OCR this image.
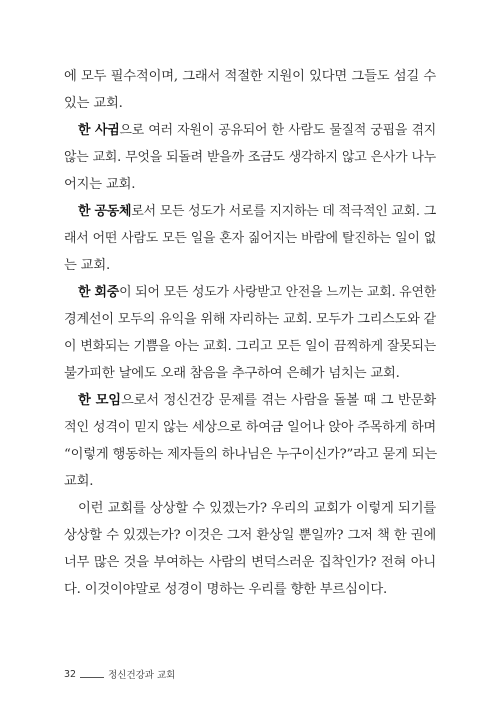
에 모두 필수적이며, 그래서 적절한 지원이 있다면 그들도 섬길 수
있는 교회.
한 사귐으로 여러 자원이 공유되어 한 사람도 물질적 궁핍을 겪지
않는 교회. 무엇을 되돌려 받을까 조금도 생각하지 않고 은사가 나누
어지는 교회.
한 공동체로서 모든 성도가 서로를 지지하는 데 적극적인 교회. 그
래서 어떤 사람도 모든 일을 혼자 짊어지는 바람에 탈진하는 일이 없
는 교회.
한 회중이 되어 모든 성도가 사랑받고 안전을 느끼는 교회. 유연한
경계선이 모두의 유익을 위해 자리하는 교회. 모두가 그리스도와 같
이 변화되는 기쁨을 아는 교회. 그리고 모든 일이 끔찍하게 잘못되는
불가피한 날에도 오래 참음을 추구하여 은혜가 넘치는 교회.
한 모임으로서 정신건강 문제를 겪는 사람을 돌볼 때 그 반문화
적인 성격이 믿지 않는 세상으로 하여금 일어나 앉아 주목하게 하며
“이렇게 행동하는 제자들의 하나님은 누구이신가?”라고 묻게 되는
교회.
이런 교회를 상상할 수 있겠는가? 우리의 교회가 이렇게 되기를
상상할 수 있겠는가? 이것은 그저 환상일 뿐일까? 그저 책 한 권에
너무 많은 것을 부여하는 사람의 변덕스러운 집착인가? 전혀 아니
다. 이것이야말로 성경이 명하는 우리를 향한 부르심이다.
32	정신건강과 교회
